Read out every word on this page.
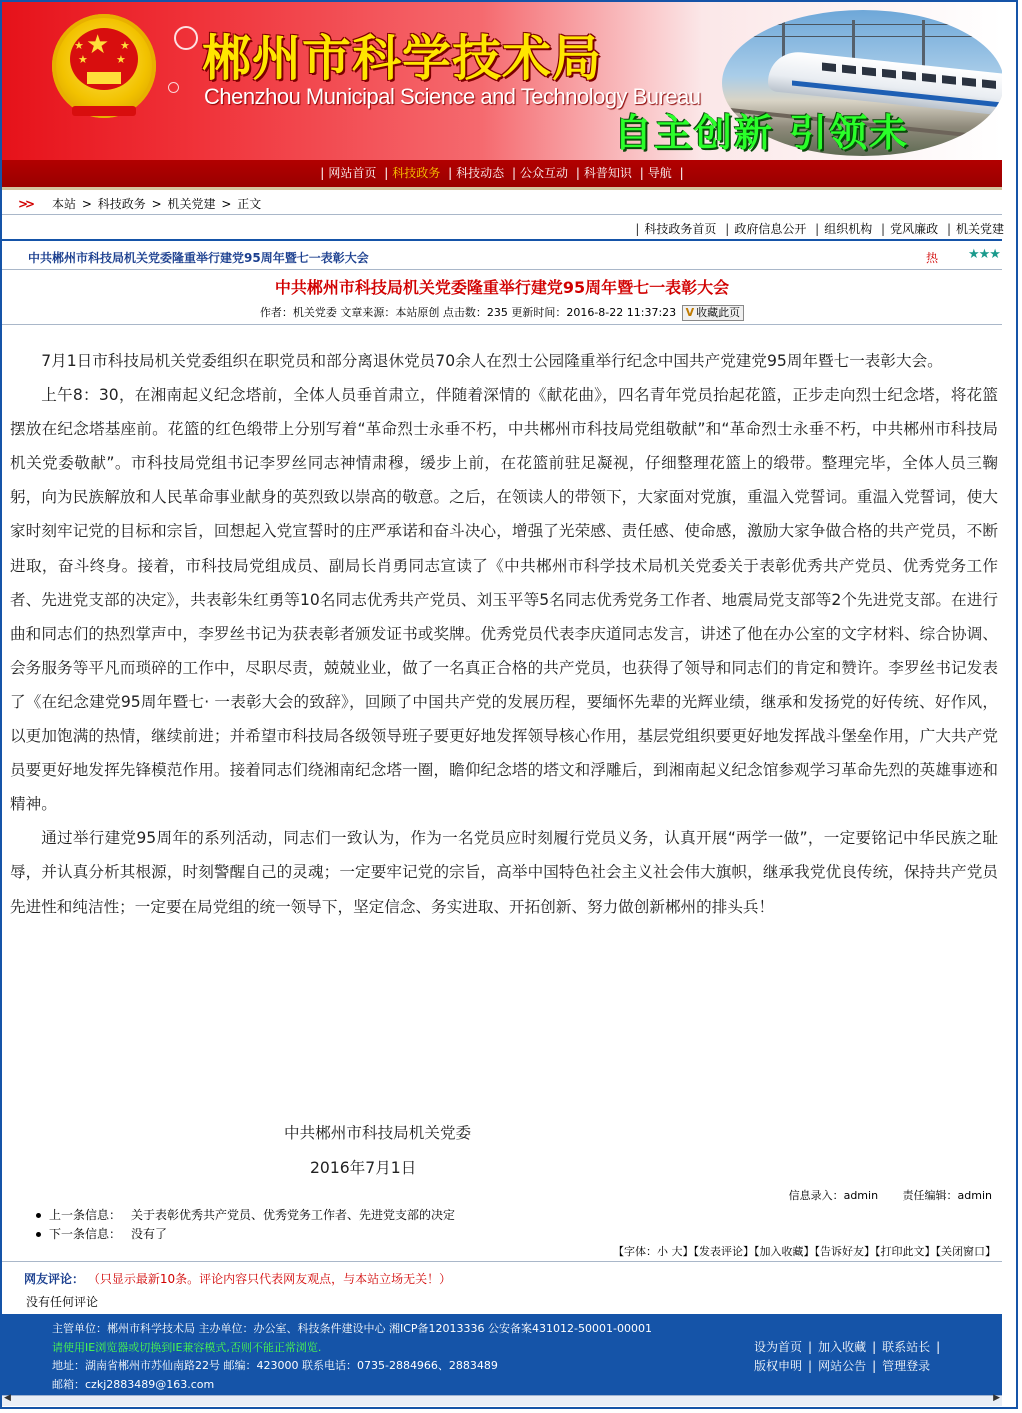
★
★
★
★
★ 郴州市科学技术局
Chenzhou Municipal Science and Technology Bureau
自主创新 引领未
| 网站首页 | 科技政务 | 科技动态 | 公众互动 | 科普知识 | 导航 |
>> 本站 > 科技政务 > 机关党建 > 正文
| 科技政务首页 | 政府信息公开 | 组织机构 | 党风廉政 | 机关党建
中共郴州市科技局机关党委隆重举行建党95周年暨七一表彰大会	热 ★★★
中共郴州市科技局机关党委隆重举行建党95周年暨七一表彰大会
作者：机关党委 文章来源：本站原创 点击数：235 更新时间：2016-8-22 11:37:23 V 收藏此页

7月1日市科技局机关党委组织在职党员和部分离退休党员70余人在烈士公园隆重举行纪念中国共产党建党95周年暨七一表彰大会。

上午8：30，在湘南起义纪念塔前，全体人员垂首肃立，伴随着深情的《献花曲》，四名青年党员抬起花篮，正步走向烈士纪念塔，将花篮摆放在纪念塔基座前。花篮的红色缎带上分别写着“革命烈士永垂不朽，中共郴州市科技局党组敬献”和“革命烈士永垂不朽，中共郴州市科技局机关党委敬献”。市科技局党组书记李罗丝同志神情肃穆，缓步上前，在花篮前驻足凝视，仔细整理花篮上的缎带。整理完毕，全体人员三鞠躬，向为民族解放和人民革命事业献身的英烈致以崇高的敬意。之后，在领读人的带领下，大家面对党旗，重温入党誓词。重温入党誓词，使大家时刻牢记党的目标和宗旨，回想起入党宣誓时的庄严承诺和奋斗决心，增强了光荣感、责任感、使命感，激励大家争做合格的共产党员，不断进取，奋斗终身。接着，市科技局党组成员、副局长肖勇同志宣读了《中共郴州市科学技术局机关党委关于表彰优秀共产党员、优秀党务工作者、先进党支部的决定》，共表彰朱红勇等10名同志优秀共产党员、刘玉平等5名同志优秀党务工作者、地震局党支部等2个先进党支部。在进行曲和同志们的热烈掌声中，李罗丝书记为获表彰者颁发证书或奖牌。优秀党员代表李庆道同志发言，讲述了他在办公室的文字材料、综合协调、会务服务等平凡而琐碎的工作中，尽职尽责，兢兢业业，做了一名真正合格的共产党员，也获得了领导和同志们的肯定和赞许。李罗丝书记发表了《在纪念建党95周年暨七· 一表彰大会的致辞》，回顾了中国共产党的发展历程，要缅怀先辈的光辉业绩，继承和发扬党的好传统、好作风，以更加饱满的热情，继续前进；并希望市科技局各级领导班子要更好地发挥领导核心作用，基层党组织要更好地发挥战斗堡垒作用，广大共产党员要更好地发挥先锋模范作用。接着同志们绕湘南纪念塔一圈，瞻仰纪念塔的塔文和浮雕后，到湘南起义纪念馆参观学习革命先烈的英雄事迹和精神。

通过举行建党95周年的系列活动，同志们一致认为，作为一名党员应时刻履行党员义务，认真开展“两学一做”，一定要铭记中华民族之耻辱，并认真分析其根源，时刻警醒自己的灵魂；一定要牢记党的宗旨，高举中国特色社会主义社会伟大旗帜，继承我党优良传统，保持共产党员先进性和纯洁性；一定要在局党组的统一领导下，坚定信念、务实进取、开拓创新、努力做创新郴州的排头兵！

中共郴州市科技局机关党委
2016年7月1日
信息录入：admin 责任编辑：admin
上一条信息： 关于表彰优秀共产党员、优秀党务工作者、先进党支部的决定
下一条信息： 没有了
【字体：小 大】【发表评论】【加入收藏】【告诉好友】【打印此文】【关闭窗口】
网友评论： （只显示最新10条。评论内容只代表网友观点，与本站立场无关！）
没有任何评论
主管单位：郴州市科学技术局 主办单位：办公室、科技条件建设中心 湘ICP备12013336 公安备案431012-50001-00001
请使用IE浏览器或切换到IE兼容模式,否则不能正常浏览.
地址：湖南省郴州市苏仙南路22号 邮编：423000 联系电话：0735-2884966、2883489
邮箱：czkj2883489@163.com
设为首页 | 加入收藏 | 联系站长 |
版权申明 | 网站公告 | 管理登录
◀	▶
